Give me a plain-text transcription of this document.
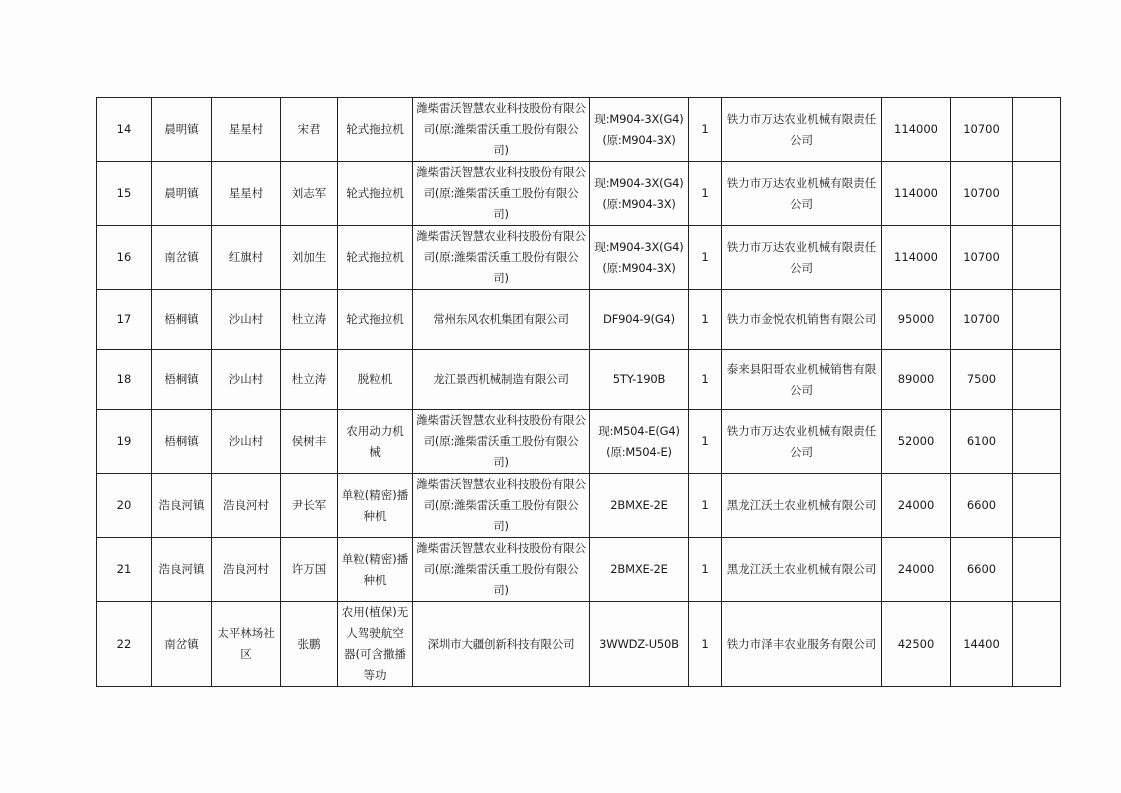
14	晨明镇	星星村	宋君	轮式拖拉机	潍柴雷沃智慧农业科技股份有限公司(原:潍柴雷沃重工股份有限公司)	现:M904-3X(G4)(原:M904-3X)	1	铁力市万达农业机械有限责任公司	114000	10700	
15	晨明镇	星星村	刘志军	轮式拖拉机	潍柴雷沃智慧农业科技股份有限公司(原:潍柴雷沃重工股份有限公司)	现:M904-3X(G4)(原:M904-3X)	1	铁力市万达农业机械有限责任公司	114000	10700	
16	南岔镇	红旗村	刘加生	轮式拖拉机	潍柴雷沃智慧农业科技股份有限公司(原:潍柴雷沃重工股份有限公司)	现:M904-3X(G4)(原:M904-3X)	1	铁力市万达农业机械有限责任公司	114000	10700	
17	梧桐镇	沙山村	杜立涛	轮式拖拉机	常州东风农机集团有限公司	DF904-9(G4)	1	铁力市金悦农机销售有限公司	95000	10700	
18	梧桐镇	沙山村	杜立涛	脱粒机	龙江景西机械制造有限公司	5TY-190B	1	泰来县阳哥农业机械销售有限公司	89000	7500	
19	梧桐镇	沙山村	侯树丰	农用动力机械	潍柴雷沃智慧农业科技股份有限公司(原:潍柴雷沃重工股份有限公司)	现:M504-E(G4)(原:M504-E)	1	铁力市万达农业机械有限责任公司	52000	6100	
20	浩良河镇	浩良河村	尹长军	单粒(精密)播种机	潍柴雷沃智慧农业科技股份有限公司(原:潍柴雷沃重工股份有限公司)	2BMXE-2E	1	黑龙江沃土农业机械有限公司	24000	6600	
21	浩良河镇	浩良河村	许万国	单粒(精密)播种机	潍柴雷沃智慧农业科技股份有限公司(原:潍柴雷沃重工股份有限公司)	2BMXE-2E	1	黑龙江沃土农业机械有限公司	24000	6600	
22	南岔镇	太平林场社区	张鹏	农用(植保)无人驾驶航空器(可含撒播等功	深圳市大疆创新科技有限公司	3WWDZ-U50B	1	铁力市泽丰农业服务有限公司	42500	14400	
